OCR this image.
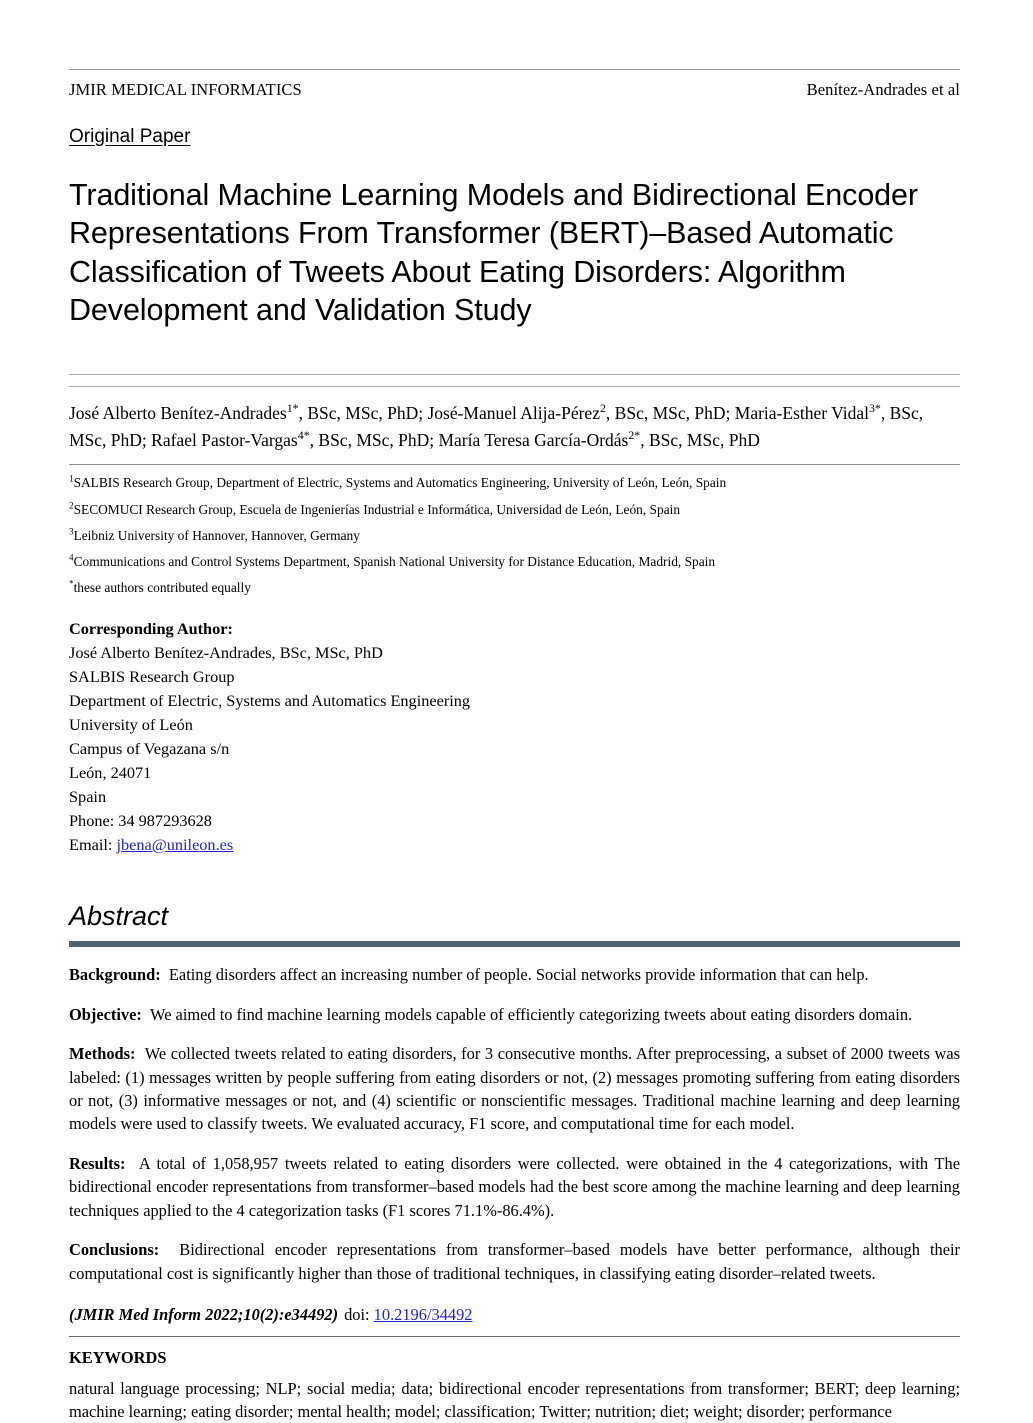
JMIR MEDICAL INFORMATICS	Benítez-Andrades et al
Original Paper
Traditional Machine Learning Models and Bidirectional Encoder Representations From Transformer (BERT)–Based Automatic Classification of Tweets About Eating Disorders: Algorithm Development and Validation Study
José Alberto Benítez-Andrades$^{1*}$, BSc, MSc, PhD; José-Manuel Alija-Pérez$^2$, BSc, MSc, PhD; Maria-Esther Vidal$^{3*}$, BSc, MSc, PhD; Rafael Pastor-Vargas$^{4*}$, BSc, MSc, PhD; María Teresa García-Ordás$^{2*}$, BSc, MSc, PhD
$^1$SALBIS Research Group, Department of Electric, Systems and Automatics Engineering, University of León, León, Spain
$^2$SECOMUCI Research Group, Escuela de Ingenierías Industrial e Informática, Universidad de León, León, Spain
$^3$Leibniz University of Hannover, Hannover, Germany
$^4$Communications and Control Systems Department, Spanish National University for Distance Education, Madrid, Spain
*these authors contributed equally
Corresponding Author:
José Alberto Benítez-Andrades, BSc, MSc, PhD
SALBIS Research Group
Department of Electric, Systems and Automatics Engineering
University of León
Campus of Vegazana s/n
León, 24071
Spain
Phone: 34 987293628
Email: jbena@unileon.es
Abstract

Background: Eating disorders affect an increasing number of people. Social networks provide information that can help.

Objective: We aimed to find machine learning models capable of efficiently categorizing tweets about eating disorders domain.

Methods: We collected tweets related to eating disorders, for 3 consecutive months. After preprocessing, a subset of 2000 tweets was labeled: (1) messages written by people suffering from eating disorders or not, (2) messages promoting suffering from eating disorders or not, (3) informative messages or not, and (4) scientific or nonscientific messages. Traditional machine learning and deep learning models were used to classify tweets. We evaluated accuracy, F1 score, and computational time for each model.

Results: A total of 1,058,957 tweets related to eating disorders were collected. were obtained in the 4 categorizations, with The bidirectional encoder representations from transformer–based models had the best score among the machine learning and deep learning techniques applied to the 4 categorization tasks (F1 scores 71.1%-86.4%).

Conclusions: Bidirectional encoder representations from transformer–based models have better performance, although their computational cost is significantly higher than those of traditional techniques, in classifying eating disorder–related tweets.

(JMIR Med Inform 2022;10(2):e34492) doi: 10.2196/34492
KEYWORDS
natural language processing; NLP; social media; data; bidirectional encoder representations from transformer; BERT; deep learning; machine learning; eating disorder; mental health; model; classification; Twitter; nutrition; diet; weight; disorder; performance
